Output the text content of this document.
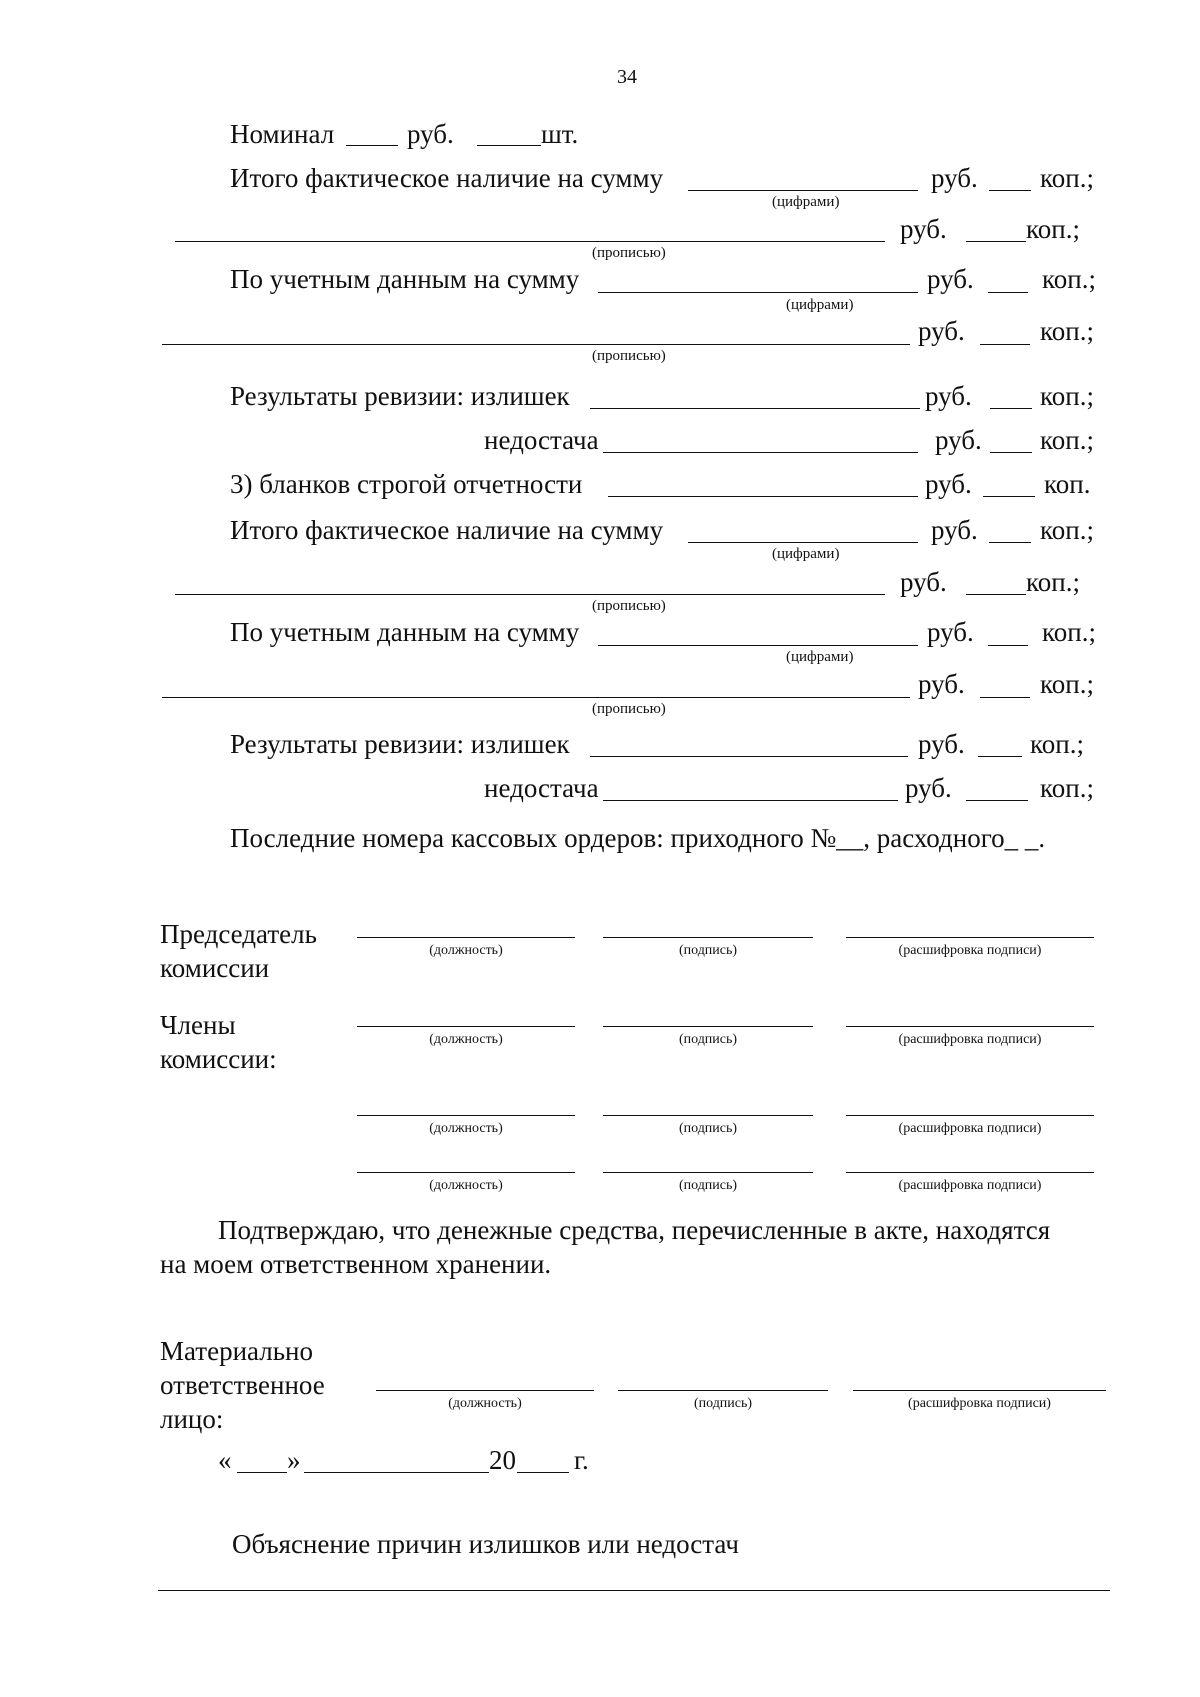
34
Номинал	руб.	шт.
Итого фактическое наличие на сумму	руб. коп.;
(цифрами)
руб.	коп.;
(прописью)
По учетным данным на сумму	руб.	коп.;
(цифрами)
руб.	коп.;
(прописью)
Результаты ревизии: излишек	руб.	коп.;
недостача	руб. коп.;
3) бланков строгой отчетности	руб.	коп.
Итого фактическое наличие на сумму	руб. коп.;
(цифрами)
руб.	коп.;
(прописью)
По учетным данным на сумму	руб.	коп.;
(цифрами)
руб.	коп.;
(прописью)
Результаты ревизии: излишек	руб. коп.;
недостача	руб.	коп.;
Последние номера кассовых ордеров: приходного №__, расходного_ _.
Председатель
комиссии
(должность)	(подпись)	(расшифровка подписи)
Члены
комиссии:
(должность)	(подпись)	(расшифровка подписи)
(должность)	(подпись)	(расшифровка подписи)
(должность)	(подпись)	(расшифровка подписи)
Подтверждаю, что денежные средства, перечисленные в акте, находятся
на моем ответственном хранении.
Материально
ответственное
лицо:
(должность)	(подпись)	(расшифровка подписи)
« »	20 г.
Объяснение причин излишков или недостач
